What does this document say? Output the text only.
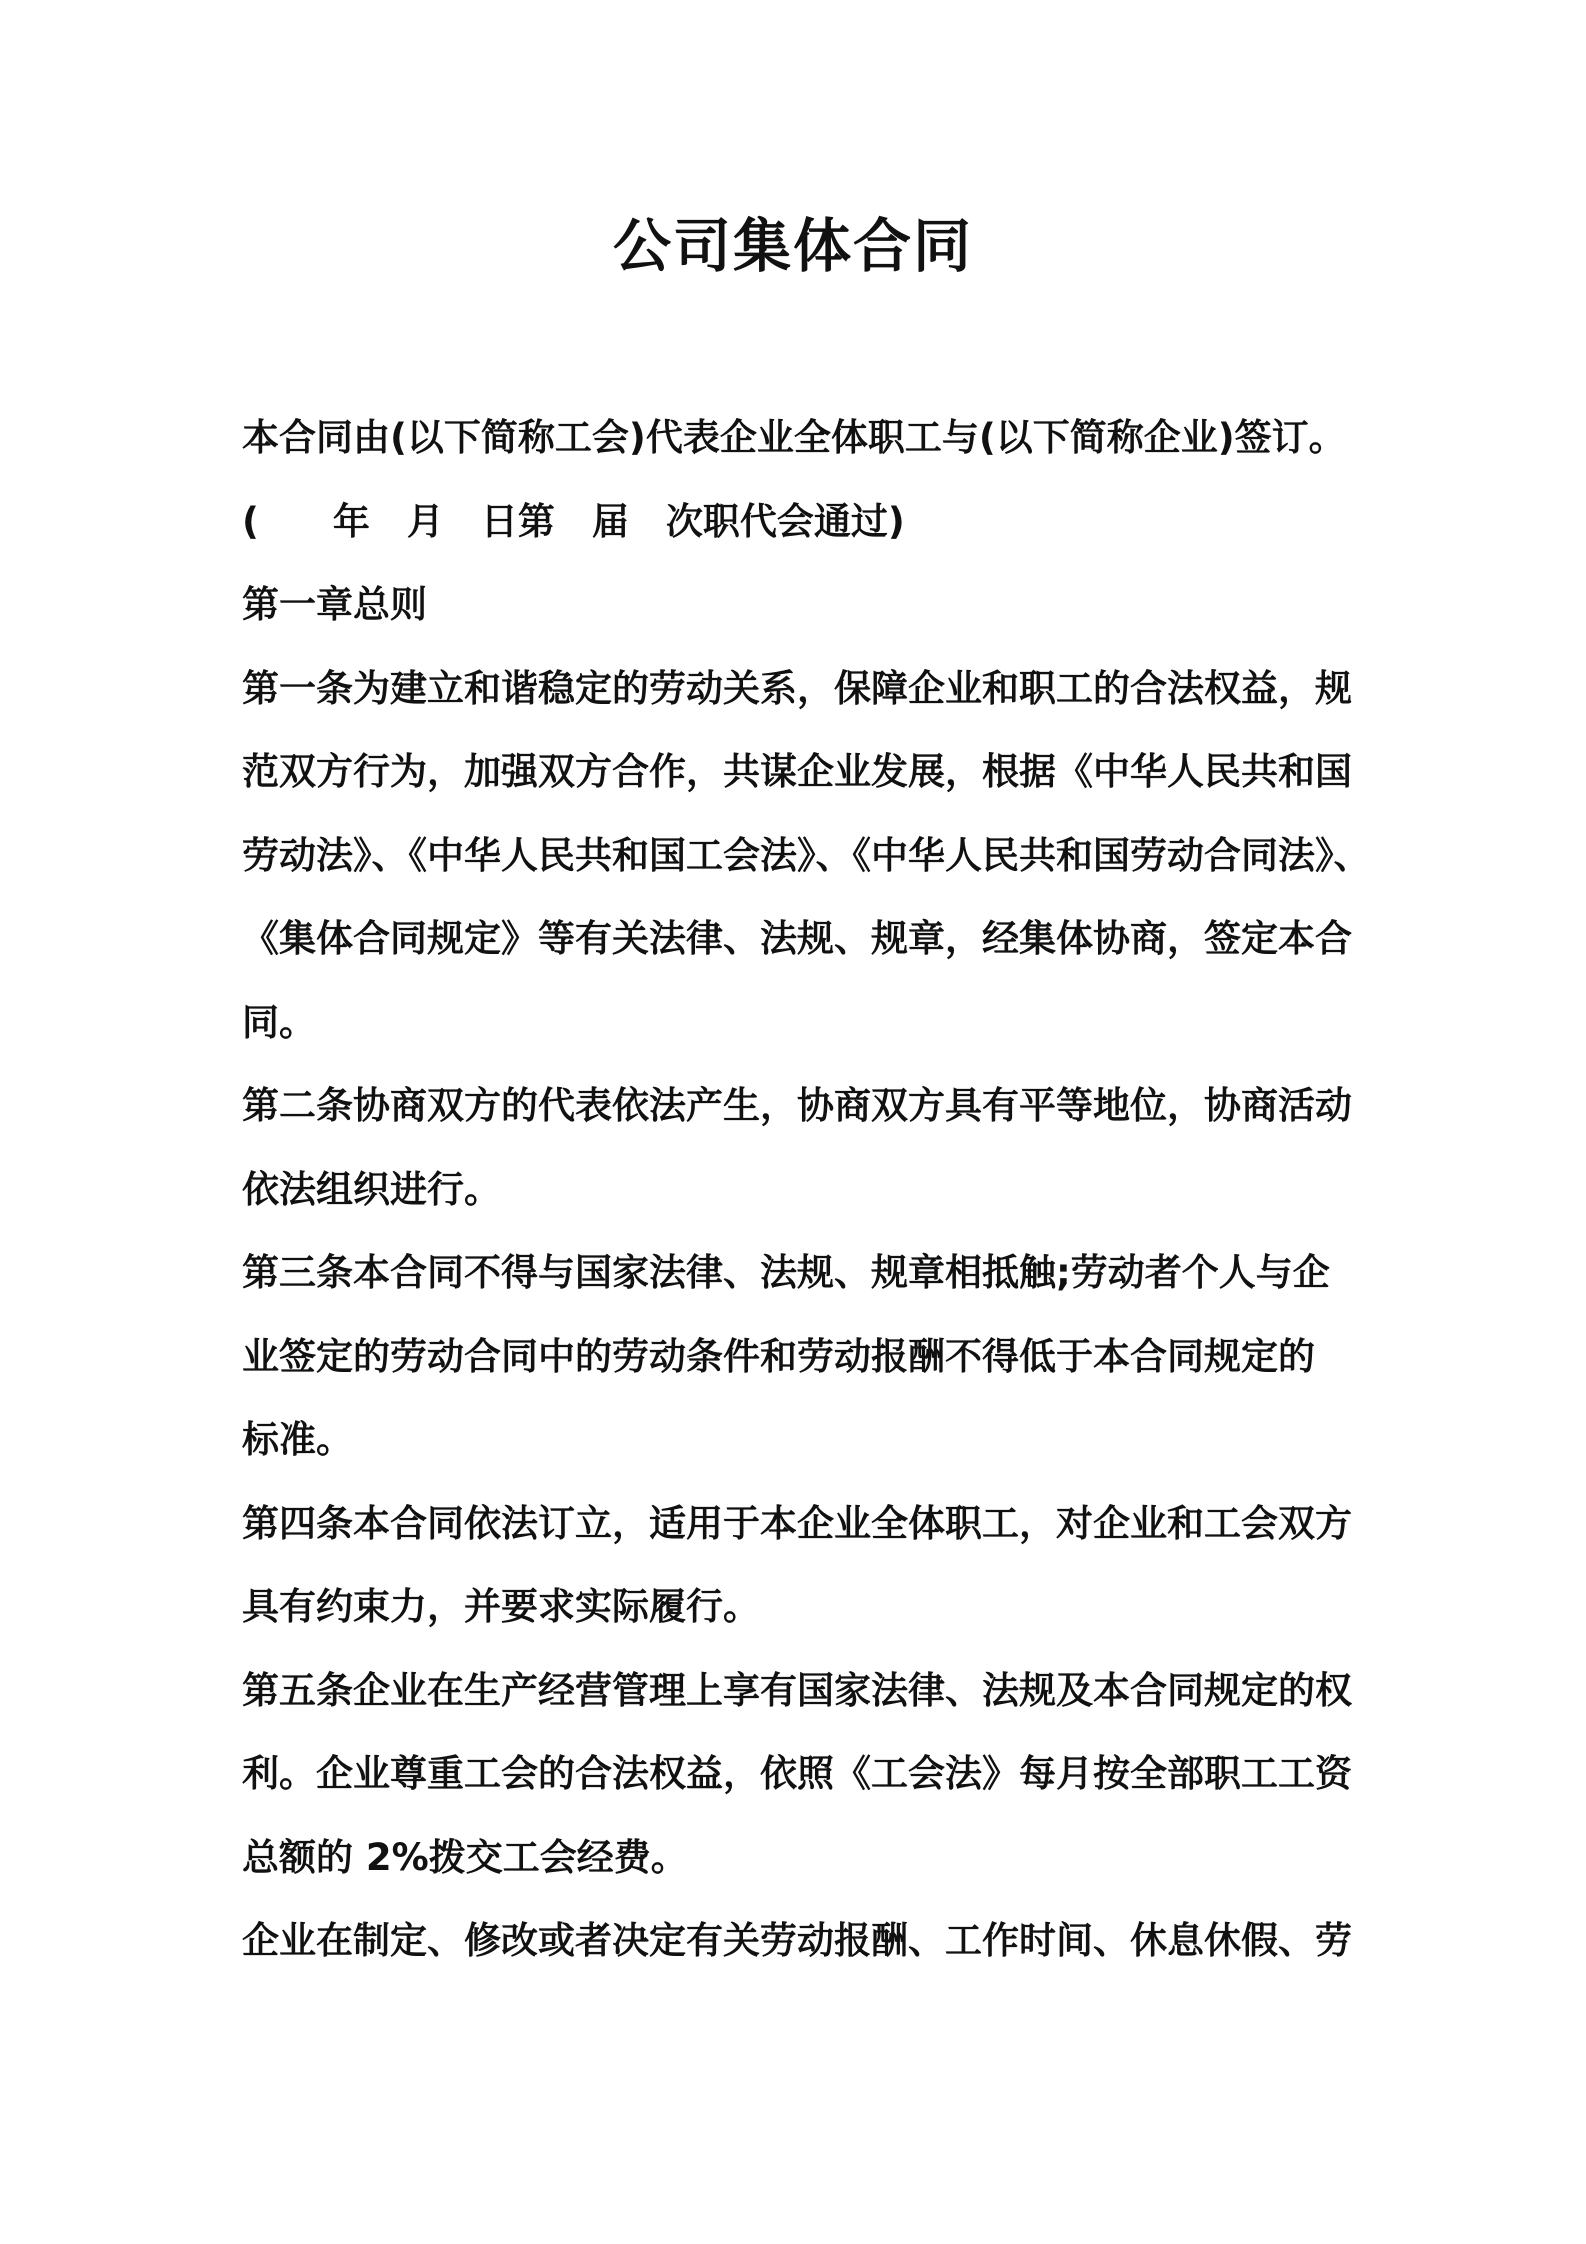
公司集体合同
本合同由(以下简称工会)代表企业全体职工与(以下简称企业)签订。
(　　年　月　日第　届　次职代会通过)
第一章总则
第一条为建立和谐稳定的劳动关系，保障企业和职工的合法权益，规
范双方行为，加强双方合作，共谋企业发展，根据《中华人民共和国
劳动法》、《中华人民共和国工会法》、《中华人民共和国劳动合同法》、
《集体合同规定》等有关法律、法规、规章，经集体协商，签定本合
同。
第二条协商双方的代表依法产生，协商双方具有平等地位，协商活动
依法组织进行。
第三条本合同不得与国家法律、法规、规章相抵触;劳动者个人与企
业签定的劳动合同中的劳动条件和劳动报酬不得低于本合同规定的
标准。
第四条本合同依法订立，适用于本企业全体职工，对企业和工会双方
具有约束力，并要求实际履行。
第五条企业在生产经营管理上享有国家法律、法规及本合同规定的权
利。企业尊重工会的合法权益，依照《工会法》每月按全部职工工资
总额的 2%拨交工会经费。
企业在制定、修改或者决定有关劳动报酬、工作时间、休息休假、劳
